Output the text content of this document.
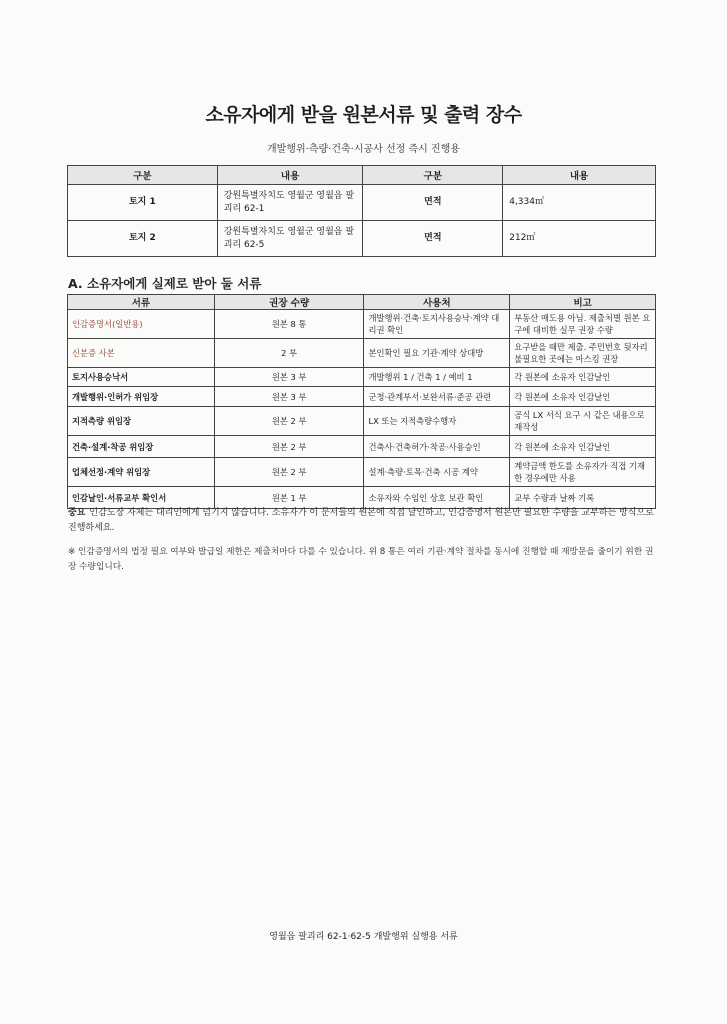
소유자에게 받을 원본서류 및 출력 장수
개발행위·측량·건축·시공사 선정 즉시 진행용
구분	내용	구분	내용
토지 1	강원특별자치도 영월군 영월읍 팔괴리 62-1	면적	4,334㎡
토지 2	강원특별자치도 영월군 영월읍 팔괴리 62-5	면적	212㎡
A. 소유자에게 실제로 받아 둘 서류
서류	권장 수량	사용처	비고
인감증명서(일반용)	원본 8 통	개발행위·건축·토지사용승낙·계약 대리권 확인	부동산 매도용 아님. 제출처별 원본 요구에 대비한 실무 권장 수량
신분증 사본	2 부	본인확인 필요 기관·계약 상대방	요구받을 때만 제출. 주민번호 뒷자리 불필요한 곳에는 마스킹 권장
토지사용승낙서	원본 3 부	개발행위 1 / 건축 1 / 예비 1	각 원본에 소유자 인감날인
개발행위·인허가 위임장	원본 3 부	군청·관계부서·보완서류·준공 관련	각 원본에 소유자 인감날인
지적측량 위임장	원본 2 부	LX 또는 지적측량수행자	공식 LX 서식 요구 시 같은 내용으로 재작성
건축·설계·착공 위임장	원본 2 부	건축사·건축허가·착공·사용승인	각 원본에 소유자 인감날인
업체선정·계약 위임장	원본 2 부	설계·측량·토목·건축 시공 계약	계약금액 한도를 소유자가 직접 기재한 경우에만 사용
인감날인·서류교부 확인서	원본 1 부	소유자와 수임인 상호 보관 확인	교부 수량과 날짜 기록
중요 인감도장 자체는 대리인에게 넘기지 않습니다. 소유자가 이 문서들의 원본에 직접 날인하고, 인감증명서 원본만 필요한 수량을 교부하는 방식으로 진행하세요.
※ 인감증명서의 법정 필요 여부와 발급일 제한은 제출처마다 다를 수 있습니다. 위 8 통은 여러 기관·계약 절차를 동시에 진행할 때 재방문을 줄이기 위한 권장 수량입니다.
영월읍 팔괴리 62-1·62-5 개발행위 실행용 서류
